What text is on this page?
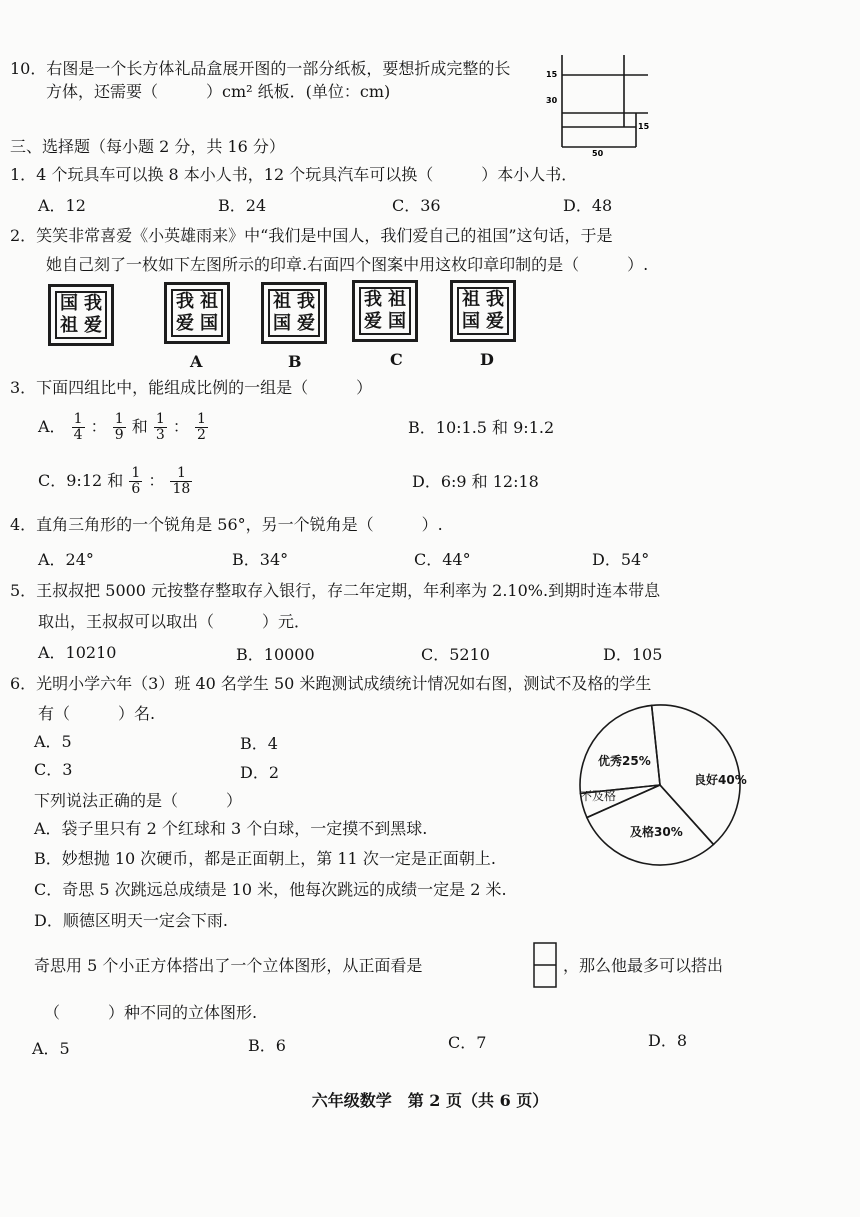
10．右图是一个长方体礼品盒展开图的一部分纸板，要想折成完整的长
方体，还需要（　　　）cm² 纸板．(单位：cm)
15
30
15
50
三、选择题（每小题 2 分，共 16 分）
1．4 个玩具车可以换 8 本小人书，12 个玩具汽车可以换（　　　）本小人书．
A．12	B．24	C．36	D．48
2．笑笑非常喜爱《小英雄雨来》中“我们是中国人，我们爱自己的祖国”这句话，于是
她自己刻了一枚如下左图所示的印章.右面四个图案中用这枚印章印制的是（　　　）.
国 我
祖 爱
我 祖
爱 国
祖 我
国 爱
我 祖
爱 国
祖 我
国 爱
A	B	C	D
3．下面四组比中，能组成比例的一组是（　　　）
A． $\frac{1}{4}$ ： $\frac{1}{9}$ 和 $\frac{1}{3}$ ： $\frac{1}{2}$	B．10:1.5 和 9:1.2
C．9:12 和 $\frac{1}{6}$ ： $\frac{1}{18}$	D．6:9 和 12:18
4．直角三角形的一个锐角是 56°，另一个锐角是（　　　）.
A．24°	B．34°	C．44°	D．54°
5．王叔叔把 5000 元按整存整取存入银行，存二年定期，年利率为 2.10%.到期时连本带息
取出，王叔叔可以取出（　　　）元．
A．10210	B．10000	C．5210	D．105
6．光明小学六年（3）班 40 名学生 50 米跑测试成绩统计情况如右图，测试不及格的学生
有（　　　）名.
A．5	B．4
C．3	D．2
优秀25%
良好40%
及格30%
不及格
下列说法正确的是（　　　）
A．袋子里只有 2 个红球和 3 个白球，一定摸不到黑球.
B．妙想抛 10 次硬币，都是正面朝上，第 11 次一定是正面朝上.
C．奇思 5 次跳远总成绩是 10 米，他每次跳远的成绩一定是 2 米.
D．顺德区明天一定会下雨.
奇思用 5 个小正方体搭出了一个立体图形，从正面看是	，那么他最多可以搭出
（　　　）种不同的立体图形.
A．5	B．6	C．7	D．8
六年级数学　第 2 页（共 6 页）
